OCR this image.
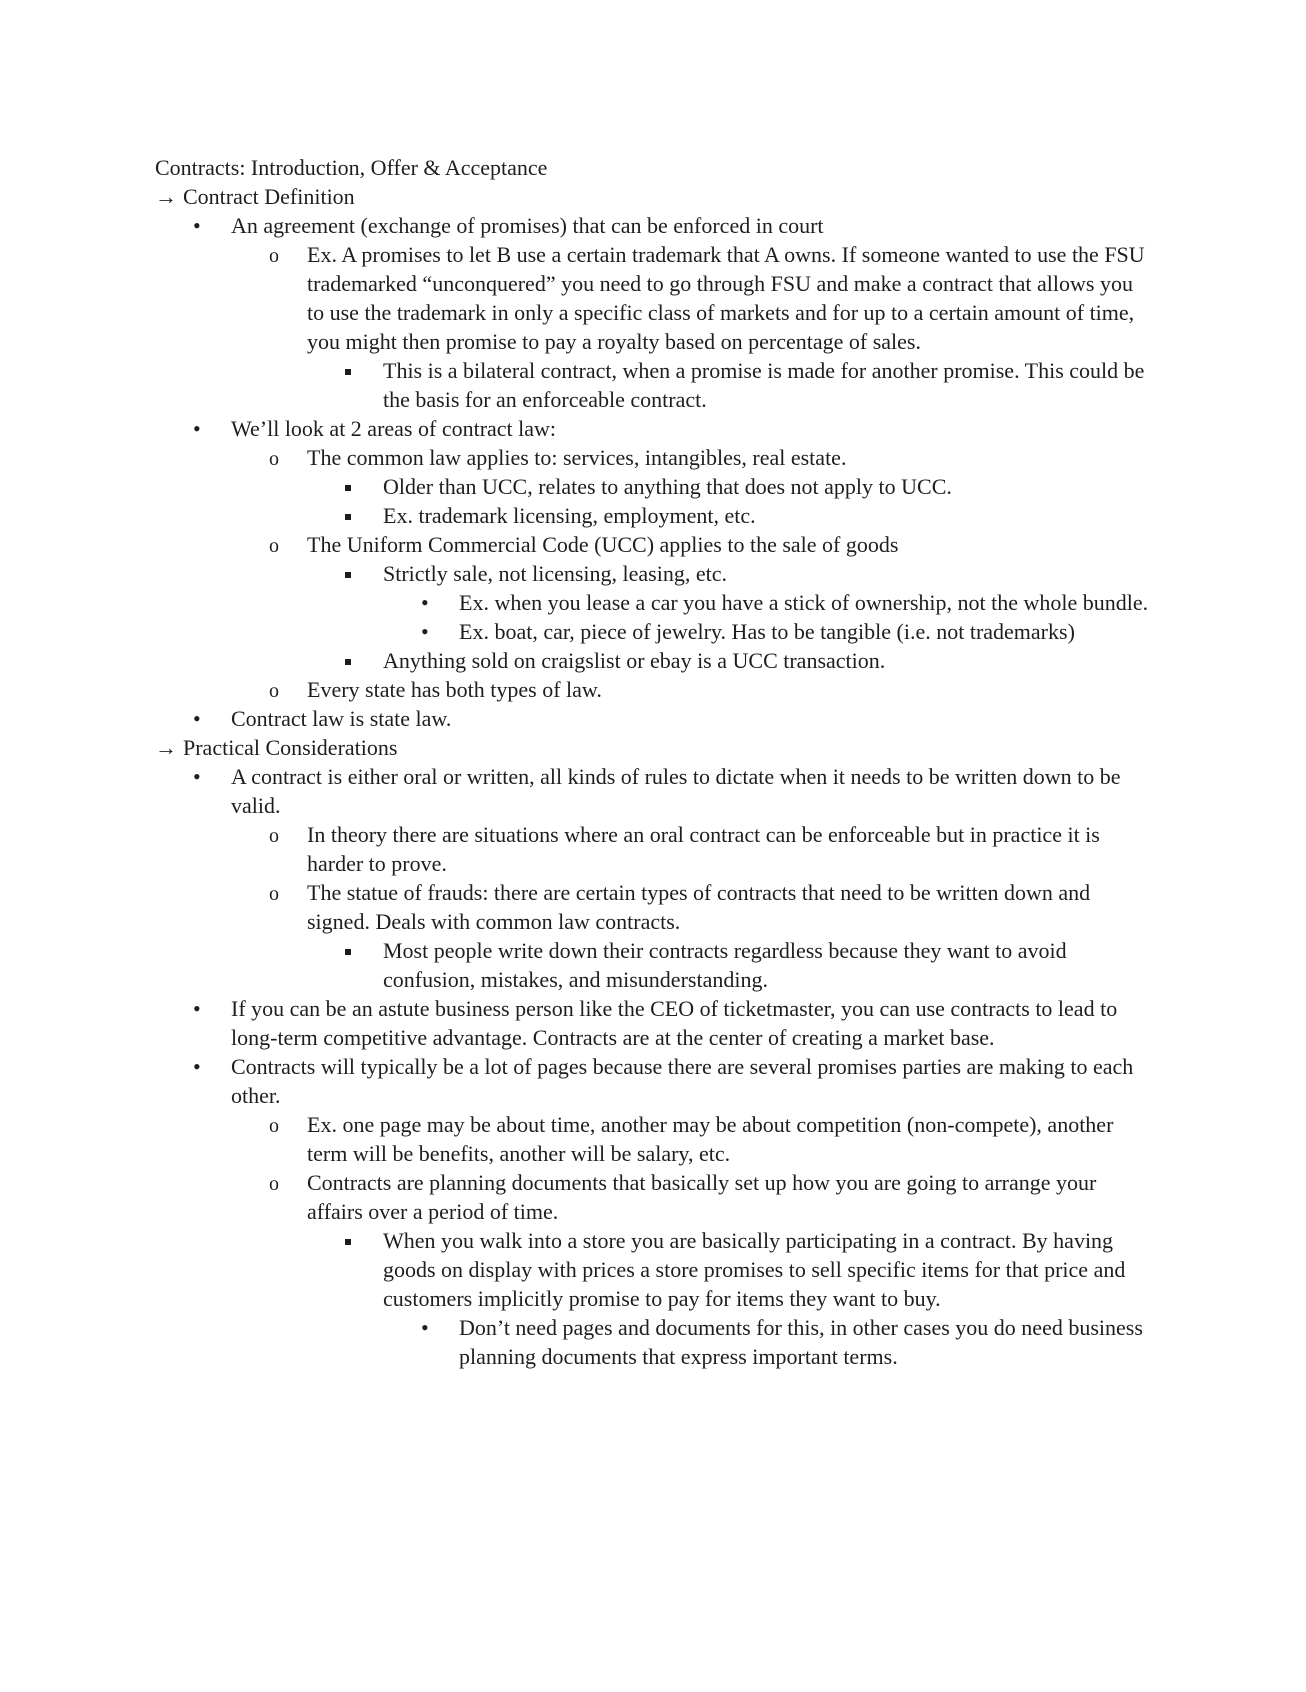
Contracts: Introduction, Offer & Acceptance
→ Contract Definition
•
An agreement (exchange of promises) that can be enforced in court
o
Ex. A promises to let B use a certain trademark that A owns. If someone wanted to use the FSU trademarked “unconquered” you need to go through FSU and make a contract that allows you to use the trademark in only a specific class of markets and for up to a certain amount of time, you might then promise to pay a royalty based on percentage of sales.
This is a bilateral contract, when a promise is made for another promise. This could be the basis for an enforceable contract.
•
We’ll look at 2 areas of contract law:
o
The common law applies to: services, intangibles, real estate.
Older than UCC, relates to anything that does not apply to UCC.
Ex. trademark licensing, employment, etc.
o
The Uniform Commercial Code (UCC) applies to the sale of goods
Strictly sale, not licensing, leasing, etc.
•
Ex. when you lease a car you have a stick of ownership, not the whole bundle.
•
Ex. boat, car, piece of jewelry. Has to be tangible (i.e. not trademarks)
Anything sold on craigslist or ebay is a UCC transaction.
o
Every state has both types of law.
•
Contract law is state law.
→ Practical Considerations
•
A contract is either oral or written, all kinds of rules to dictate when it needs to be written down to be valid.
o
In theory there are situations where an oral contract can be enforceable but in practice it is harder to prove.
o
The statue of frauds: there are certain types of contracts that need to be written down and signed. Deals with common law contracts.
Most people write down their contracts regardless because they want to avoid confusion, mistakes, and misunderstanding.
•
If you can be an astute business person like the CEO of ticketmaster, you can use contracts to lead to long-term competitive advantage. Contracts are at the center of creating a market base.
•
Contracts will typically be a lot of pages because there are several promises parties are making to each other.
o
Ex. one page may be about time, another may be about competition (non-compete), another term will be benefits, another will be salary, etc.
o
Contracts are planning documents that basically set up how you are going to arrange your affairs over a period of time.
When you walk into a store you are basically participating in a contract. By having goods on display with prices a store promises to sell specific items for that price and customers implicitly promise to pay for items they want to buy.
•
Don’t need pages and documents for this, in other cases you do need business planning documents that express important terms.
